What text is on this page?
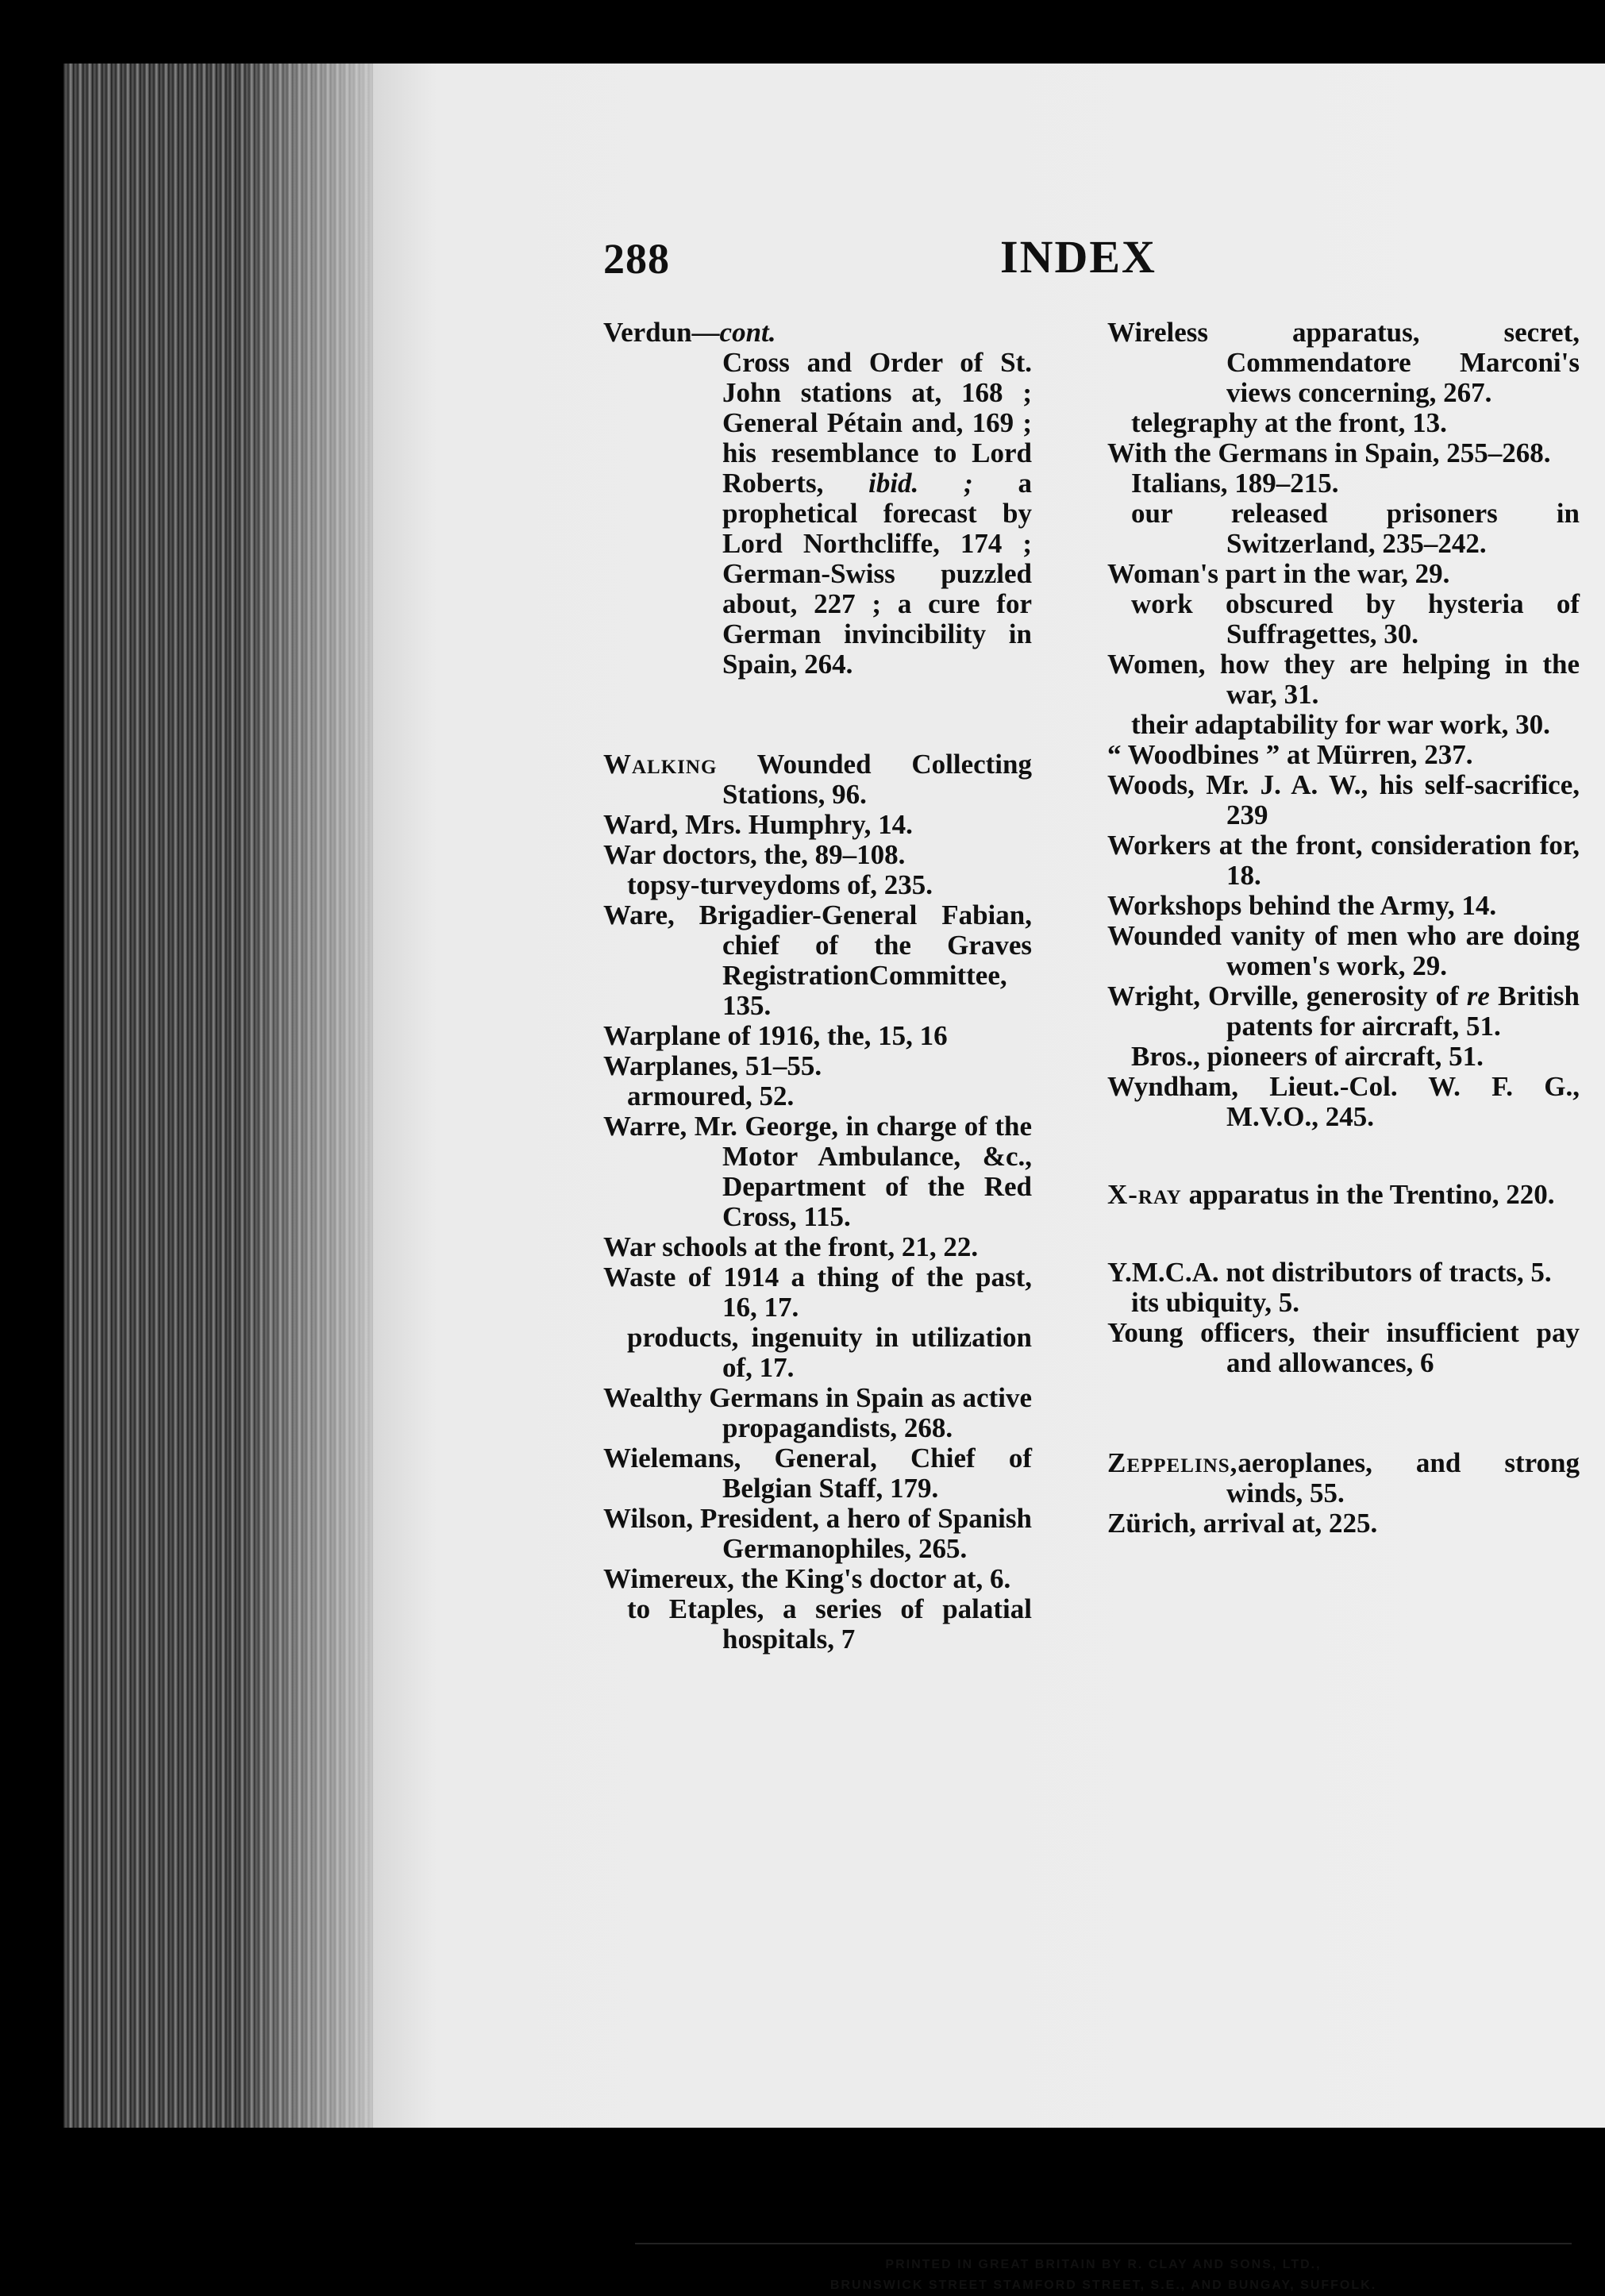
288	INDEX
Verdun—cont.
Cross and Order of St. John stations at, 168 ; General Pétain and, 169 ; his resemblance to Lord Roberts, ibid. ; a prophetical forecast by Lord Northcliffe, 174 ; German-Swiss puzzled about, 227 ; a cure for German invincibility in Spain, 264.
Walking Wounded Collecting Stations, 96.
Ward, Mrs. Humphry, 14.
War doctors, the, 89–108.
topsy-turveydoms of, 235.
Ware, Brigadier-General Fabian, chief of the Graves RegistrationCommittee, 135.
Warplane of 1916, the, 15, 16
Warplanes, 51–55.
armoured, 52.
Warre, Mr. George, in charge of the Motor Ambulance, &c., Department of the Red Cross, 115.
War schools at the front, 21, 22.
Waste of 1914 a thing of the past, 16, 17.
products, ingenuity in utilization of, 17.
Wealthy Germans in Spain as active propagandists, 268.
Wielemans, General, Chief of Belgian Staff, 179.
Wilson, President, a hero of Spanish Germanophiles, 265.
Wimereux, the King's doctor at, 6.
to Etaples, a series of palatial hospitals, 7
Wireless apparatus, secret, Commendatore Marconi's views concerning, 267.
telegraphy at the front, 13.
With the Germans in Spain, 255–268.
Italians, 189–215.
our released prisoners in Switzerland, 235–242.
Woman's part in the war, 29.
work obscured by hysteria of Suffragettes, 30.
Women, how they are helping in the war, 31.
their adaptability for war work, 30.
“ Woodbines ” at Mürren, 237.
Woods, Mr. J. A. W., his self-sacrifice, 239
Workers at the front, consideration for, 18.
Workshops behind the Army, 14.
Wounded vanity of men who are doing women's work, 29.
Wright, Orville, generosity of re British patents for aircraft, 51.
Bros., pioneers of aircraft, 51.
Wyndham, Lieut.-Col. W. F. G., M.V.O., 245.
X-ray apparatus in the Trentino, 220.
Y.M.C.A. not distributors of tracts, 5.
its ubiquity, 5.
Young officers, their insufficient pay and allowances, 6
Zeppelins,aeroplanes, and strong winds, 55.
Zürich, arrival at, 225.
PRINTED IN GREAT BRITAIN BY R. CLAY AND SONS, LTD.,
BRUNSWICK STREET STAMFORD STREET, S.E., AND BUNGAY, SUFFOLK.
